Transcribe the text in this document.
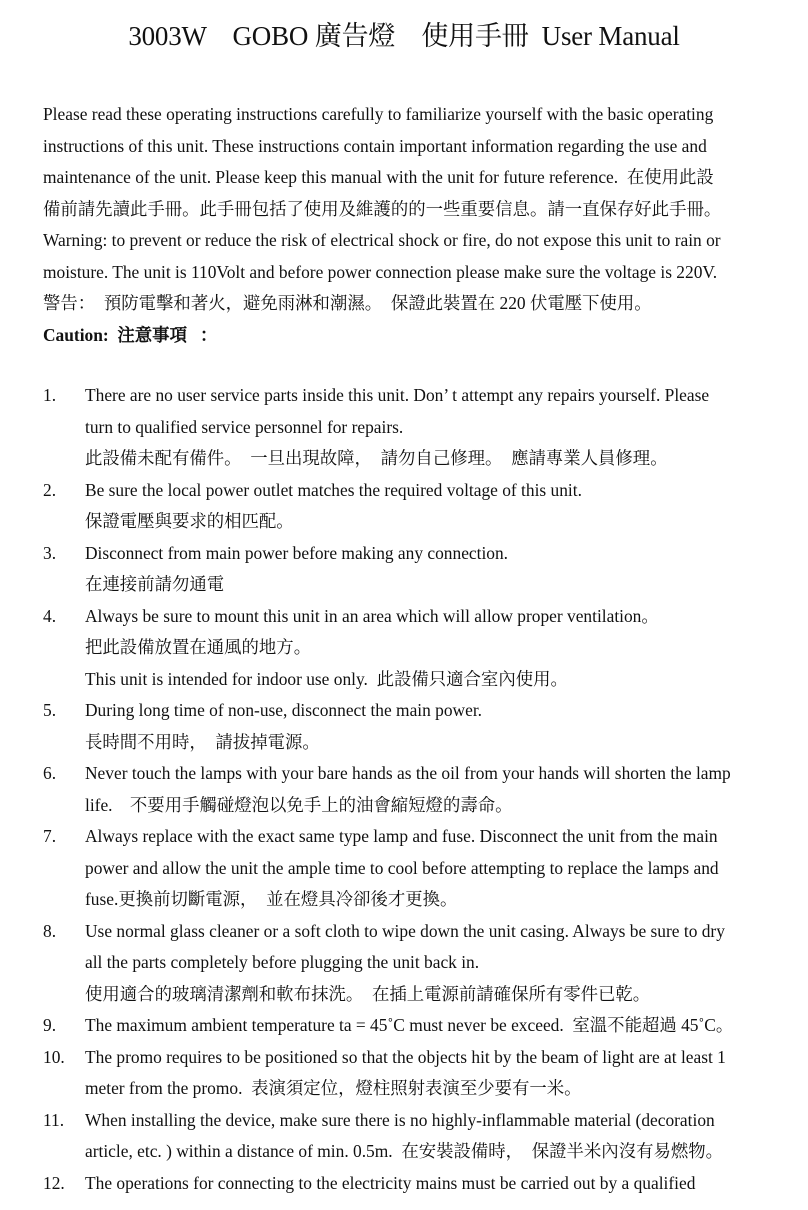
3003W    GOBO 廣告燈    使用手冊  User Manual
Please read these operating instructions carefully to familiarize yourself with the basic operating
instructions of this unit. These instructions contain important information regarding the use and
maintenance of the unit. Please keep this manual with the unit for future reference.  在使用此設
備前請先讀此手冊。此手冊包括了使用及維護的的一些重要信息。請一直保存好此手冊。
Warning: to prevent or reduce the risk of electrical shock or fire, do not expose this unit to rain or
moisture. The unit is 110Volt and before power connection please make sure the voltage is 220V.
警告：  預防電擊和著火，避免雨淋和潮濕。  保證此裝置在 220 伏電壓下使用。
Caution:  注意事項   ：
1.	There are no user service parts inside this unit. Don’ t attempt any repairs yourself. Please
turn to qualified service personnel for repairs.
此設備未配有備件。  一旦出現故障，  請勿自己修理。  應請專業人員修理。
2.	Be sure the local power outlet matches the required voltage of this unit.
保證電壓與要求的相匹配。
3.	Disconnect from main power before making any connection.
在連接前請勿通電
4.	Always be sure to mount this unit in an area which will allow proper ventilation。
把此設備放置在通風的地方。
This unit is intended for indoor use only.  此設備只適合室內使用。
5.	During long time of non-use, disconnect the main power.
長時間不用時，  請拔掉電源。
6.	Never touch the lamps with your bare hands as the oil from your hands will shorten the lamp
life.    不要用手觸碰燈泡以免手上的油會縮短燈的壽命。
7.	Always replace with the exact same type lamp and fuse. Disconnect the unit from the main
power and allow the unit the ample time to cool before attempting to replace the lamps and
fuse.更換前切斷電源，  並在燈具冷卻後才更換。
8.	Use normal glass cleaner or a soft cloth to wipe down the unit casing. Always be sure to dry
all the parts completely before plugging the unit back in.
使用適合的玻璃清潔劑和軟布抹洗。  在插上電源前請確保所有零件已乾。
9.	The maximum ambient temperature ta = 45˚C must never be exceed.  室溫不能超過 45˚C。
10.	The promo requires to be positioned so that the objects hit by the beam of light are at least 1
meter from the promo.  表演須定位，燈柱照射表演至少要有一米。
11.	When installing the device, make sure there is no highly-inflammable material (decoration
article, etc. ) within a distance of min. 0.5m.  在安裝設備時，  保證半米內沒有易燃物。
12.	The operations for connecting to the electricity mains must be carried out by a qualified
